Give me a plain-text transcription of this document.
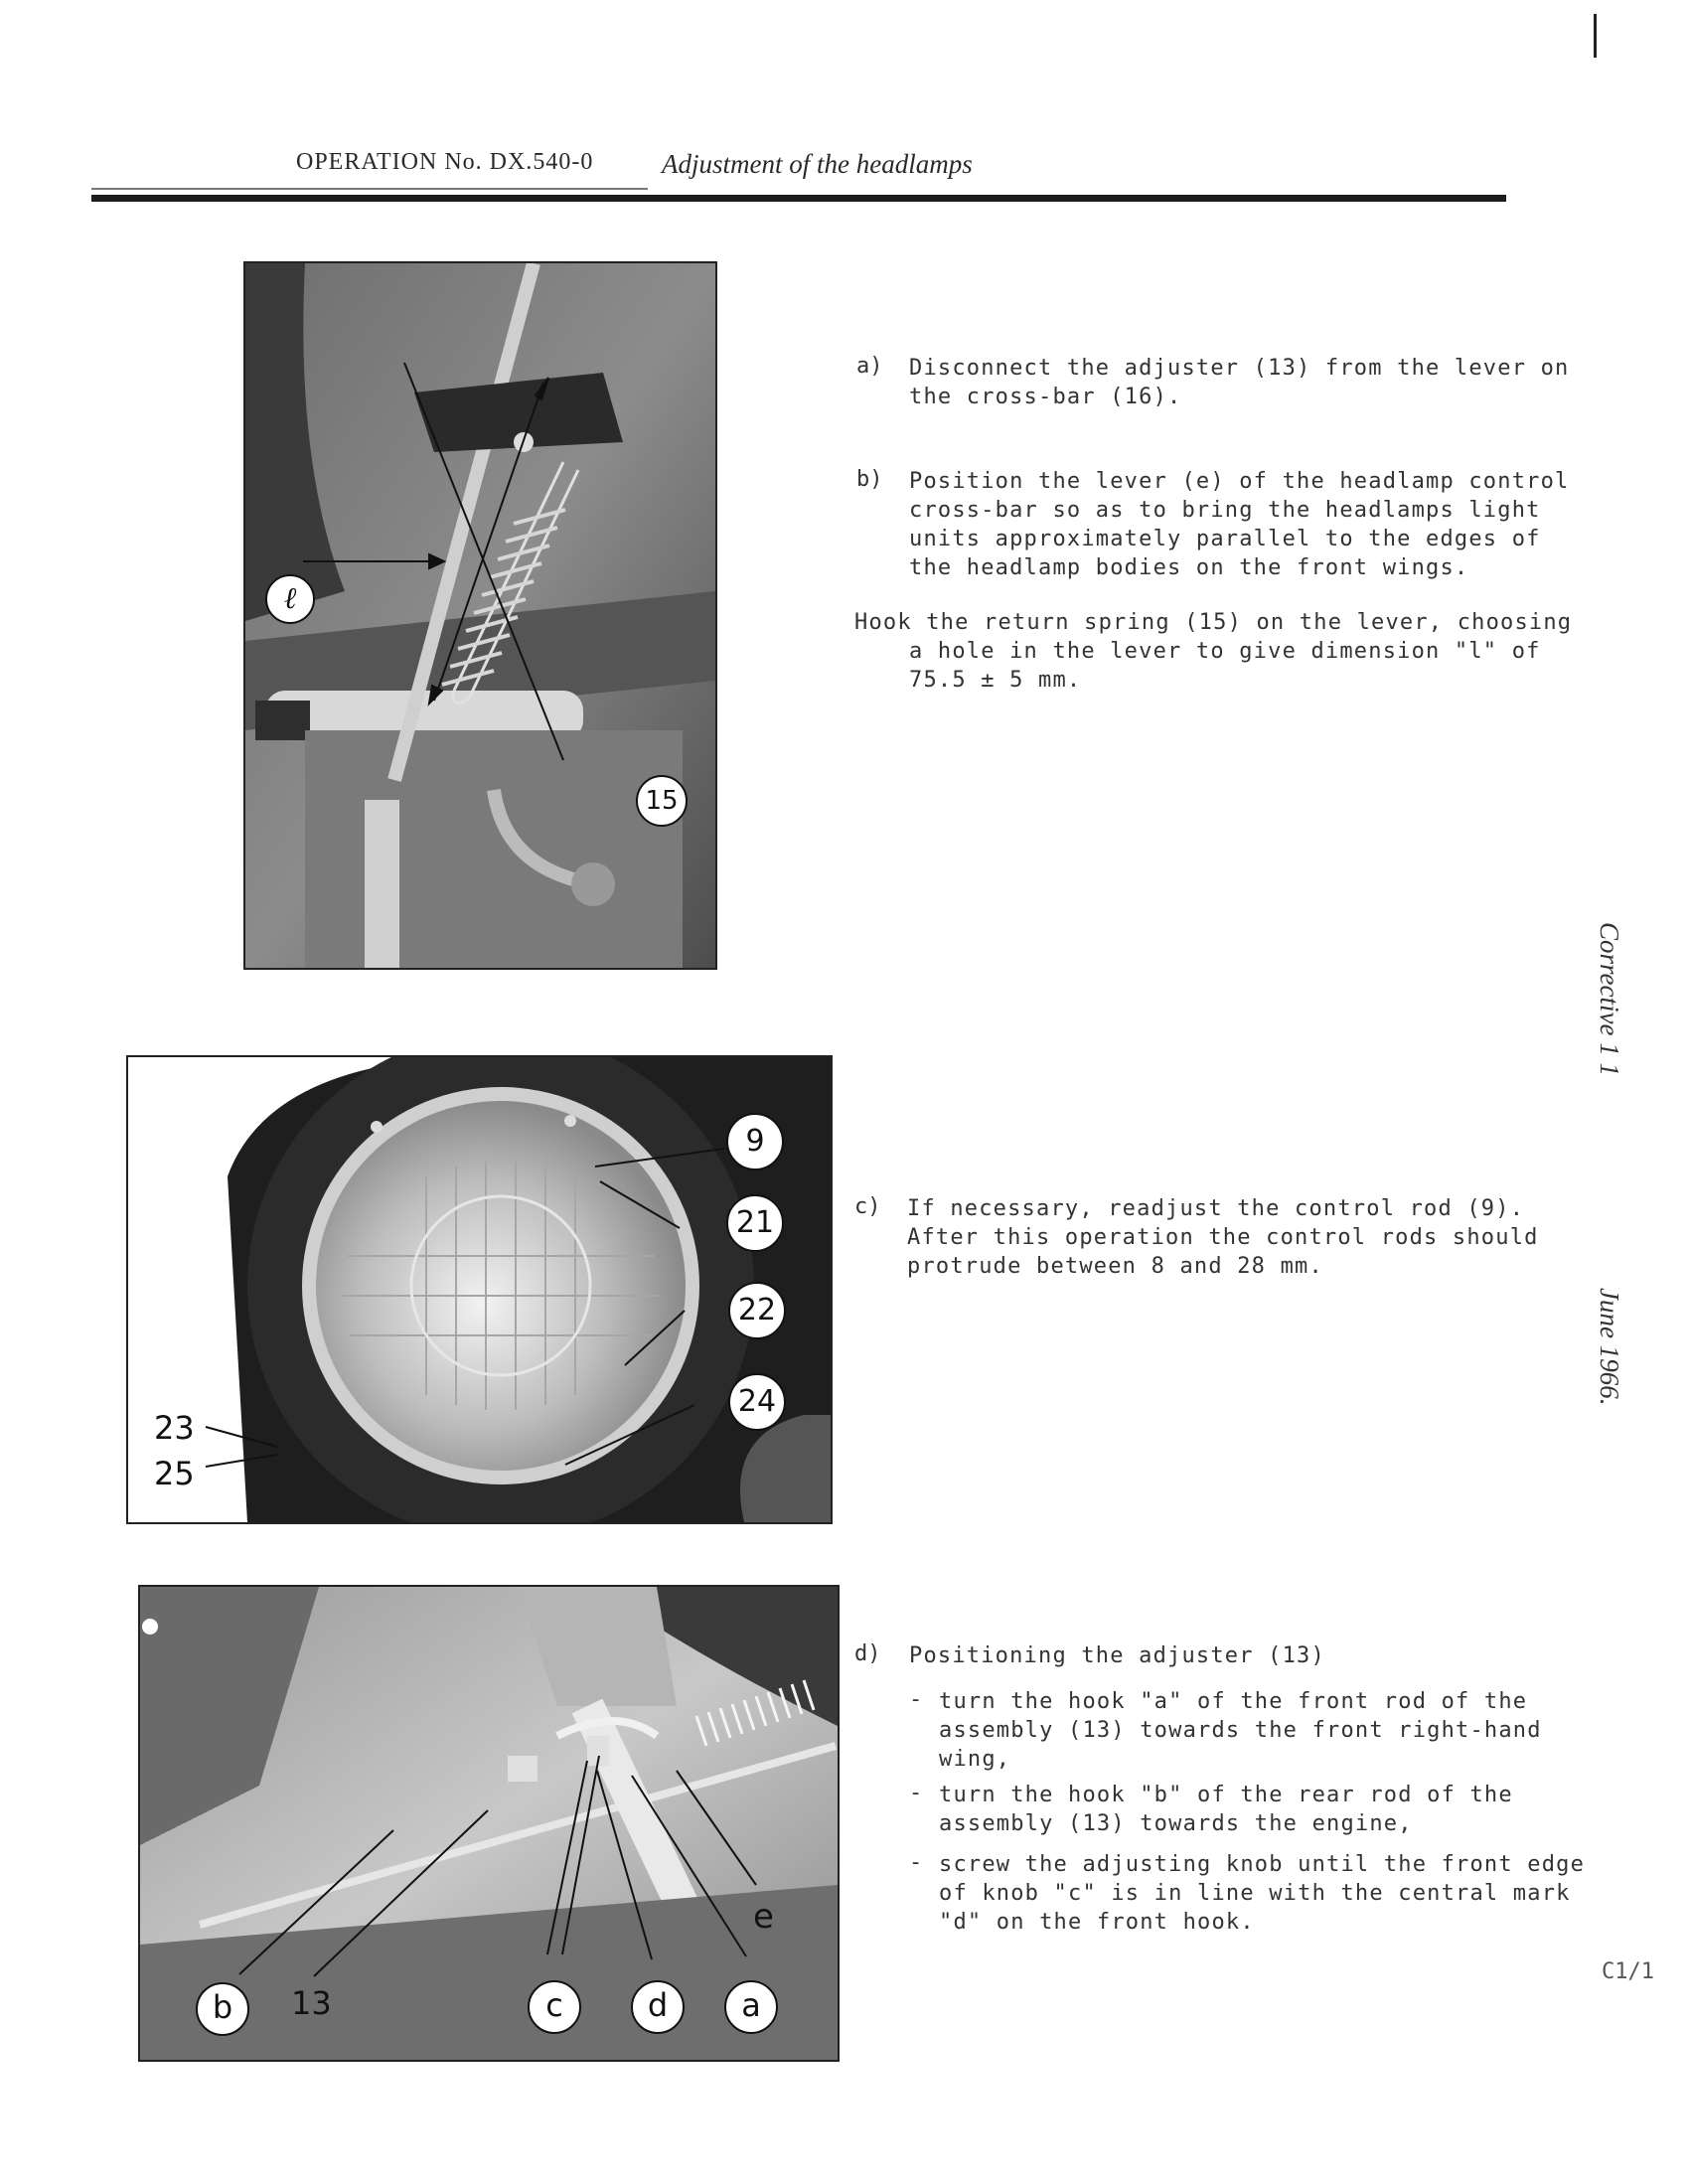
OPERATION No. DX.540-0	Adjustment of the headlamps
ℓ
15
9
21
22
24
23
25
b	13	c	d	a
e
a) Disconnect the adjuster (13) from the lever on
the cross-bar (16).
b) Position the lever (e) of the headlamp control
cross-bar so as to bring the headlamps light
units approximately parallel to the edges of
the headlamp bodies on the front wings.
Hook the return spring (15) on the lever, choosing
a hole in the lever to give dimension "l" of
75.5 ± 5 mm.
c) If necessary, readjust the control rod (9).
After this operation the control rods should
protrude between 8 and 28 mm.
d) Positioning the adjuster (13)
- turn the hook "a" of the front rod of the
assembly (13) towards the front right-hand
wing,
- turn the hook "b" of the rear rod of the
assembly (13) towards the engine,
- screw the adjusting knob until the front edge
of knob "c" is in line with the central mark
"d" on the front hook.
Corrective 1 1
June 1966.
C1/1
